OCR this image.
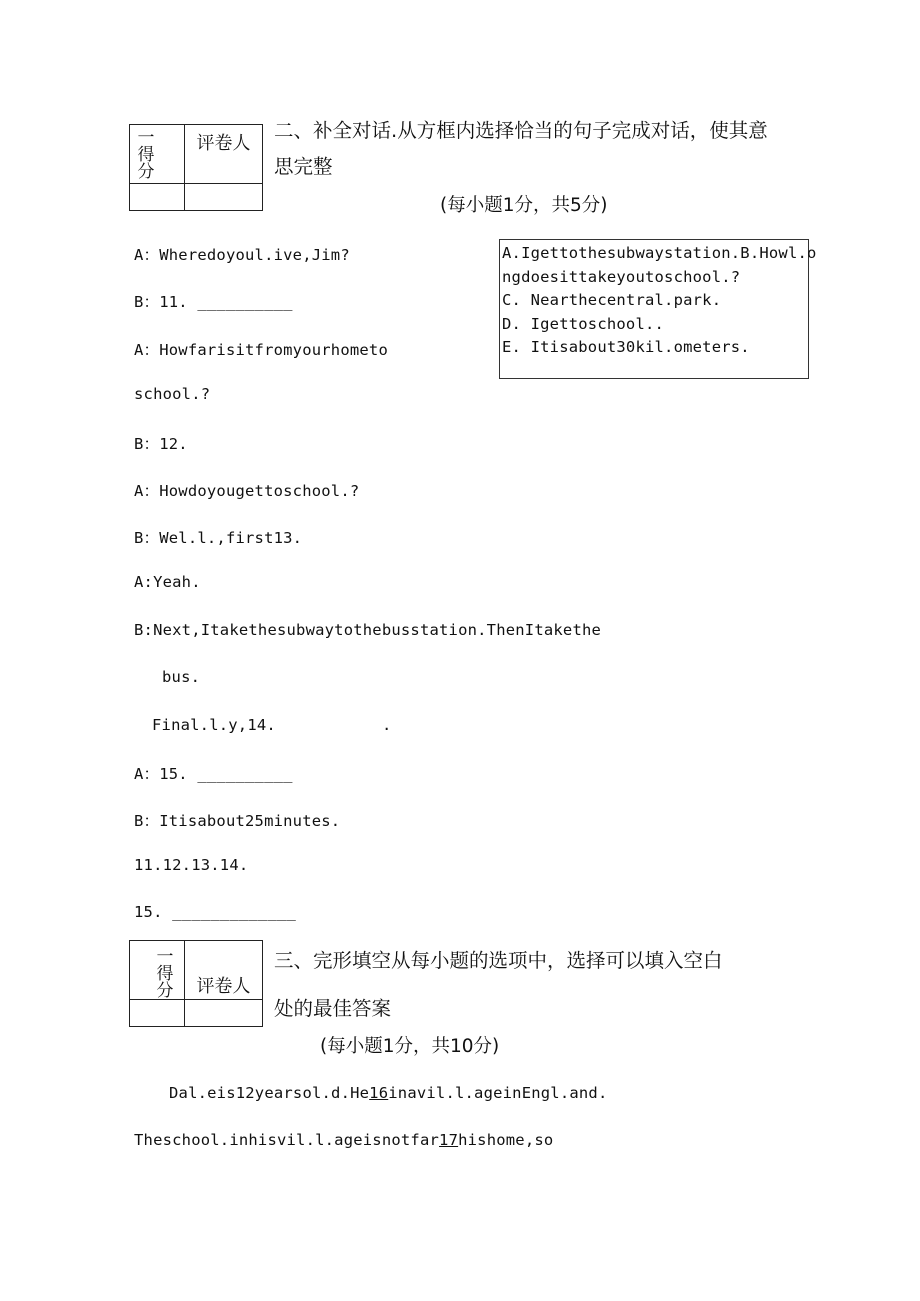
一
得
分	评卷人

二、补全对话.从方框内选择恰当的句子完成对话，使其意
思完整
(每小题1分，共5分)
A.Igettothesubwaystation.B.Howl.o
ngdoesittakeyoutoschool.?
C. Nearthecentral.park.
D. Igettoschool..
E. Itisabout30kil.ometers.
A：Wheredoyoul.ive,Jim?
B：11. __________
A：Howfarisitfromyourhometo
school.?
B：12.
A：Howdoyougettoschool.?
B：Wel.l.,first13.
A:Yeah.
B:Next,Itakethesubwaytothebusstation.ThenItakethe
bus.
Final.l.y,14.	.
A：15. __________
B：Itisabout25minutes.
11.12.13.14.
15. _____________
一
得
分	评卷人

三、完形填空从每小题的选项中，选择可以填入空白
处的最佳答案
(每小题1分，共10分)
Dal.eis12yearsol.d.He16inavil.l.ageinEngl.and.
Theschool.inhisvil.l.ageisnotfar17hishome,so
